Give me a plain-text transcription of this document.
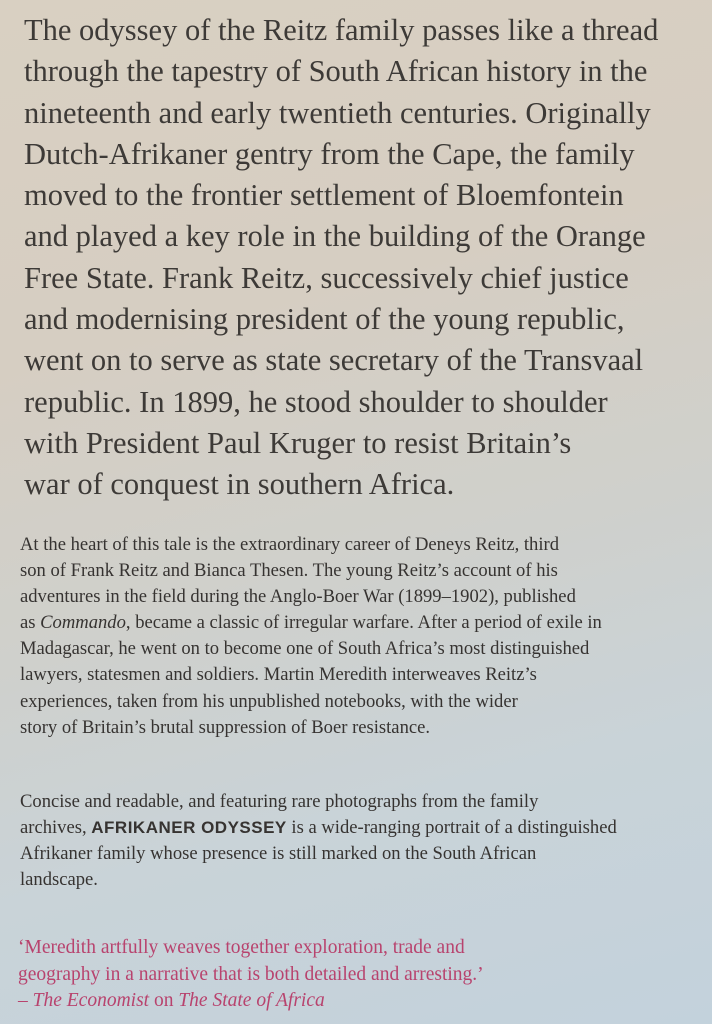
The odyssey of the Reitz family passes like a thread
through the tapestry of South African history in the
nineteenth and early twentieth centuries. Originally
Dutch-Afrikaner gentry from the Cape, the family
moved to the frontier settlement of Bloemfontein
and played a key role in the building of the Orange
Free State. Frank Reitz, successively chief justice
and modernising president of the young republic,
went on to serve as state secretary of the Transvaal
republic. In 1899, he stood shoulder to shoulder
with President Paul Kruger to resist Britain’s
war of conquest in southern Africa.
At the heart of this tale is the extraordinary career of Deneys Reitz, third
son of Frank Reitz and Bianca Thesen. The young Reitz’s account of his
adventures in the field during the Anglo-Boer War (1899–1902), published
as Commando, became a classic of irregular warfare. After a period of exile in
Madagascar, he went on to become one of South Africa’s most distinguished
lawyers, statesmen and soldiers. Martin Meredith interweaves Reitz’s
experiences, taken from his unpublished notebooks, with the wider
story of Britain’s brutal suppression of Boer resistance.
Concise and readable, and featuring rare photographs from the family
archives, AFRIKANER ODYSSEY is a wide-ranging portrait of a distinguished
Afrikaner family whose presence is still marked on the South African
landscape.
‘Meredith artfully weaves together exploration, trade and
geography in a narrative that is both detailed and arresting.’
– The Economist on The State of Africa
